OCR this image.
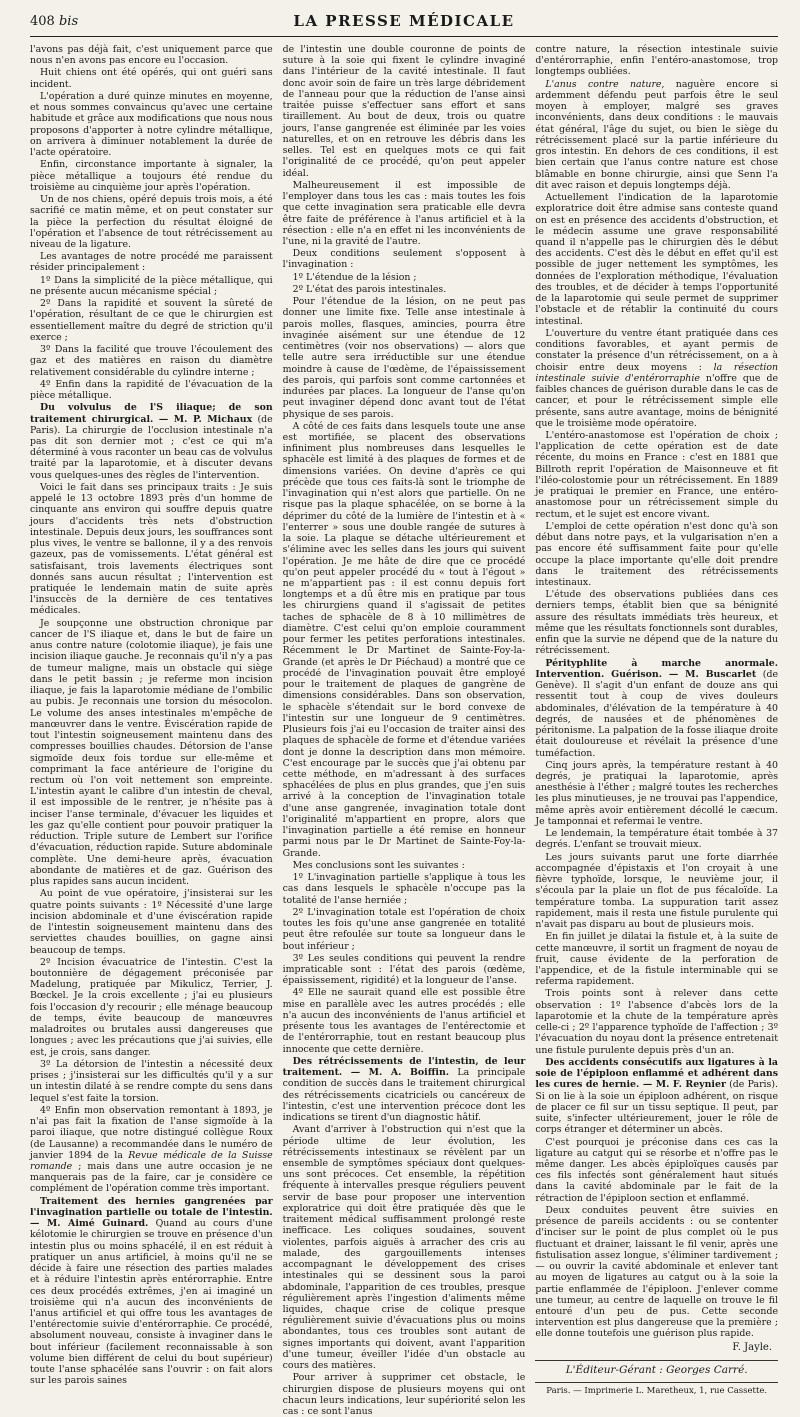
408 bis	LA PRESSE MÉDICALE

l'avons pas déjà fait, c'est uniquement parce que nous n'en avons pas encore eu l'occasion.

Huit chiens ont été opérés, qui ont guéri sans incident.

L'opération a duré quinze minutes en moyenne, et nous sommes convaincus qu'avec une certaine habitude et grâce aux modifications que nous nous proposons d'apporter à notre cylindre métallique, on arrivera à diminuer notablement la durée de l'acte opératoire.

Enfin, circonstance importante à signaler, la pièce métallique a toujours été rendue du troisième au cinquième jour après l'opération.

Un de nos chiens, opéré depuis trois mois, a été sacrifié ce matin même, et on peut constater sur la pièce la perfection du résultat éloigné de l'opération et l'absence de tout rétrécissement au niveau de la ligature.

Les avantages de notre procédé me paraissent résider principalement :

1º Dans la simplicité de la pièce métallique, qui ne présente aucun mécanisme spécial ;

2º Dans la rapidité et souvent la sûreté de l'opération, résultant de ce que le chirurgien est essentiellement maître du degré de striction qu'il exerce ;

3º Dans la facilité que trouve l'écoulement des gaz et des matières en raison du diamètre relativement considérable du cylindre interne ;

4º Enfin dans la rapidité de l'évacuation de la pièce métallique.

Du volvulus de l'S iliaque; de son traitement chirurgical. — M. P. Michaux (de Paris). La chirurgie de l'occlusion intestinale n'a pas dit son dernier mot ; c'est ce qui m'a déterminé à vous raconter un beau cas de volvulus traité par la laparotomie, et à discuter devans vous quelques-unes des règles de l'intervention.

Voici le fait dans ses principaux traits : Je suis appelé le 13 octobre 1893 près d'un homme de cinquante ans environ qui souffre depuis quatre jours d'accidents très nets d'obstruction intestinale. Depuis deux jours, les souffrances sont plus vives, le ventre se ballonne, il y a des renvois gazeux, pas de vomissements. L'état général est satisfaisant, trois lavements électriques sont donnés sans aucun résultat ; l'intervention est pratiquée le lendemain matin de suite après l'insuccès de la dernière de ces tentatives médicales.

Je soupçonne une obstruction chronique par cancer de l'S iliaque et, dans le but de faire un anus contre nature (colotomie iliaque), je fais une incision iliaque gauche. Je reconnais qu'il n'y a pas de tumeur maligne, mais un obstacle qui siège dans le petit bassin ; je referme mon incision iliaque, je fais la laparotomie médiane de l'ombilic au pubis. Je reconnais une torsion du mésocolon. Le volume des anses intestinales m'empêche de manœuvrer dans le ventre. Éviscération rapide de tout l'intestin soigneusement maintenu dans des compresses bouillies chaudes. Détorsion de l'anse sigmoïde deux fois tordue sur elle-même et comprimant la face antérieure de l'origine du rectum où l'on voit nettement son empreinte. L'intestin ayant le calibre d'un intestin de cheval, il est impossible de le rentrer, je n'hésite pas à inciser l'anse terminale, d'évacuer les liquides et les gaz qu'elle contient pour pouvoir pratiquer la réduction. Triple suture de Lembert sur l'orifice d'évacuation, réduction rapide. Suture abdominale complète. Une demi-heure après, évacuation abondante de matières et de gaz. Guérison des plus rapides sans aucun incident.

Au point de vue opératoire, j'insisterai sur les quatre points suivants : 1º Nécessité d'une large incision abdominale et d'une éviscération rapide de l'intestin soigneusement maintenu dans des serviettes chaudes bouillies, on gagne ainsi beaucoup de temps.

2º Incision évacuatrice de l'intestin. C'est la boutonnière de dégagement préconisée par Madelung, pratiquée par Mikulicz, Terrier, J. Bœckel. Je la crois excellente ; j'ai eu plusieurs fois l'occasion d'y recourir ; elle ménage beaucoup de temps, évite beaucoup de manœuvres maladroites ou brutales aussi dangereuses que longues ; avec les précautions que j'ai suivies, elle est, je crois, sans danger.

3º La détorsion de l'intestin a nécessité deux prises ; j'insisterai sur les difficultés qu'il y a sur un intestin dilaté à se rendre compte du sens dans lequel s'est faite la torsion.

4º Enfin mon observation remontant à 1893, je n'ai pas fait la fixation de l'anse sigmoïde à la paroi iliaque, que notre distingué collègue Roux (de Lausanne) a recommandée dans le numéro de janvier 1894 de la Revue médicale de la Suisse romande ; mais dans une autre occasion je ne manquerais pas de la faire, car je considère ce complément de l'opération comme très important.

Traitement des hernies gangrenées par l'invagination partielle ou totale de l'intestin. — M. Aimé Guinard. Quand au cours d'une kélotomie le chirurgien se trouve en présence d'un intestin plus ou moins sphacélé, il en est réduit à pratiquer un anus artificiel, à moins qu'il ne se décide à faire une résection des parties malades et à réduire l'intestin après entérorraphie. Entre ces deux procédés extrêmes, j'en ai imaginé un troisième qui n'a aucun des inconvénients de l'anus artificiel et qui offre tous les avantages de l'entérectomie suivie d'entérorraphie. Ce procédé, absolument nouveau, consiste à invaginer dans le bout inférieur (facilement reconnaissable à son volume bien différent de celui du bout supérieur) toute l'anse sphacélée sans l'ouvrir : on fait alors sur les parois saines

de l'intestin une double couronne de points de suture à la soie qui fixent le cylindre invaginé dans l'intérieur de la cavité intestinale. Il faut donc avoir soin de faire un très large débridement de l'anneau pour que la réduction de l'anse ainsi traitée puisse s'effectuer sans effort et sans tiraillement. Au bout de deux, trois ou quatre jours, l'anse gangrenée est éliminée par les voies naturelles, et on en retrouve les débris dans les selles. Tel est en quelques mots ce qui fait l'originalité de ce procédé, qu'on peut appeler idéal.

Malheureusement il est impossible de l'employer dans tous les cas : mais toutes les fois que cette invagination sera praticable elle devra être faite de préférence à l'anus artificiel et à la résection : elle n'a en effet ni les inconvénients de l'une, ni la gravité de l'autre.

Deux conditions seulement s'opposent à l'invagination :

1º L'étendue de la lésion ;

2º L'état des parois intestinales.

Pour l'étendue de la lésion, on ne peut pas donner une limite fixe. Telle anse intestinale à parois molles, flasques, amincies, pourra être invaginée aisément sur une étendue de 12 centimètres (voir nos observations) — alors que telle autre sera irréductible sur une étendue moindre à cause de l'œdème, de l'épaississement des parois, qui parfois sont comme cartonnées et indurées par places. La longueur de l'anse qu'on peut invaginer dépend donc avant tout de l'état physique de ses parois.

A côté de ces faits dans lesquels toute une anse est mortifiée, se placent des observations infiniment plus nombreuses dans lesquelles le sphacèle est limité à des plaques de formes et de dimensions variées. On devine d'après ce qui précède que tous ces faits-là sont le triomphe de l'invagination qui n'est alors que partielle. On ne risque pas la plaque sphacélée, on se borne à la déprimer du côté de la lumière de l'intestin et à « l'enterrer » sous une double rangée de sutures à la soie. La plaque se détache ultérieurement et s'élimine avec les selles dans les jours qui suivent l'opération. Je me hâte de dire que ce procédé qu'on peut appeler procédé du « tout à l'égout » ne m'appartient pas : il est connu depuis fort longtemps et a dû être mis en pratique par tous les chirurgiens quand il s'agissait de petites taches de sphacèle de 8 à 10 millimètres de diamètre. C'est celui qu'on emploie couramment pour fermer les petites perforations intestinales. Récemment le Dr Martinet de Sainte-Foy-la-Grande (et après le Dr Piéchaud) a montré que ce procédé de l'invagination pouvait être employé pour le traitement de plaques de gangrène de dimensions considérables. Dans son observation, le sphacèle s'étendait sur le bord convexe de l'intestin sur une longueur de 9 centimètres. Plusieurs fois j'ai eu l'occasion de traiter ainsi des plaques de sphacèle de forme et d'étendue variées dont je donne la description dans mon mémoire. C'est encourage par le succès que j'ai obtenu par cette méthode, en m'adressant à des surfaces sphacélées de plus en plus grandes, que j'en suis arrivé à la conception de l'invagination totale d'une anse gangrenée, invagination totale dont l'originalité m'appartient en propre, alors que l'invagination partielle a été remise en honneur parmi nous par le Dr Martinet de Sainte-Foy-la-Grande.

Mes conclusions sont les suivantes :

1º L'invagination partielle s'applique à tous les cas dans lesquels le sphacèle n'occupe pas la totalité de l'anse herniée ;

2º L'invagination totale est l'opération de choix toutes les fois qu'une anse gangrenée en totalité peut être refoulée sur toute sa longueur dans le bout inférieur ;

3º Les seules conditions qui peuvent la rendre impraticable sont : l'état des parois (œdème, épaississement, rigidité) et la longueur de l'anse.

4º Elle ne saurait quand elle est possible être mise en parallèle avec les autres procédés ; elle n'a aucun des inconvénients de l'anus artificiel et présente tous les avantages de l'entérectomie et de l'entérorraphie, tout en restant beaucoup plus innocente que cette dernière.

Des rétrécissements de l'intestin, de leur traitement. — M. A. Boiffin. La principale condition de succès dans le traitement chirurgical des rétrécissements cicatriciels ou cancéreux de l'intestin, c'est une intervention précoce dont les indications se tirent d'un diagnostic hâtif.

Avant d'arriver à l'obstruction qui n'est que la période ultime de leur évolution, les rétrécissements intestinaux se révèlent par un ensemble de symptômes spéciaux dont quelques-uns sont précoces. Cet ensemble, la répétition fréquente à intervalles presque réguliers peuvent servir de base pour proposer une intervention exploratrice qui doit être pratiquée dès que le traitement médical suffisamment prolongé reste inefficace. Les coliques soudaines, souvent violentes, parfois aiguës à arracher des cris au malade, des gargouillements intenses accompagnant le développement des crises intestinales qui se dessinent sous la paroi abdominale, l'apparition de ces troubles, presque régulièrement après l'ingestion d'aliments même liquides, chaque crise de colique presque régulièrement suivie d'évacuations plus ou moins abondantes, tous ces troubles sont autant de signes importants qui doivent, avant l'apparition d'une tumeur, éveiller l'idée d'un obstacle au cours des matières.

Pour arriver à supprimer cet obstacle, le chirurgien dispose de plusieurs moyens qui ont chacun leurs indications, leur supériorité selon les cas : ce sont l'anus

contre nature, la résection intestinale suivie d'entérorraphie, enfin l'entéro-anastomose, trop longtemps oubliées.

L'anus contre nature, naguère encore si ardemment défendu peut parfois être le seul moyen à employer, malgré ses graves inconvénients, dans deux conditions : le mauvais état général, l'âge du sujet, ou bien le siège du rétrécissement placé sur la partie inférieure du gros intestin. En dehors de ces conditions, il est bien certain que l'anus contre nature est chose blâmable en bonne chirurgie, ainsi que Senn l'a dit avec raison et depuis longtemps déjà.

Actuellement l'indication de la laparotomie exploratrice doit être admise sans conteste quand on est en présence des accidents d'obstruction, et le médecin assume une grave responsabilité quand il n'appelle pas le chirurgien dès le début des accidents. C'est dès le début en effet qu'il est possible de juger nettement les symptômes, les données de l'exploration méthodique, l'évaluation des troubles, et de décider à temps l'opportunité de la laparotomie qui seule permet de supprimer l'obstacle et de rétablir la continuité du cours intestinal.

L'ouverture du ventre étant pratiquée dans ces conditions favorables, et ayant permis de constater la présence d'un rétrécissement, on a à choisir entre deux moyens : la résection intestinale suivie d'entérorraphie n'offre que de faibles chances de guérison durable dans le cas de cancer, et pour le rétrécissement simple elle présente, sans autre avantage, moins de bénignité que le troisième mode opératoire.

L'entéro-anastomose est l'opération de choix ; l'application de cette opération est de date récente, du moins en France : c'est en 1881 que Billroth reprit l'opération de Maisonneuve et fit l'iléo-colostomie pour un rétrécissement. En 1889 je pratiquai le premier en France, une entéro-anastomose pour un rétrécissement simple du rectum, et le sujet est encore vivant.

L'emploi de cette opération n'est donc qu'à son début dans notre pays, et la vulgarisation n'en a pas encore été suffisamment faite pour qu'elle occupe la place importante qu'elle doit prendre dans le traitement des rétrécissements intestinaux.

L'étude des observations publiées dans ces derniers temps, établit bien que sa bénignité assure des résultats immédiats très heureux, et même que les résultats fonctionnels sont durables, enfin que la survie ne dépend que de la nature du rétrécissement.

Pérityphlite à marche anormale. Intervention. Guérison. — M. Buscarlet (de Genève). Il s'agit d'un enfant de douze ans qui ressentit tout à coup de vives douleurs abdominales, d'élévation de la température à 40 degrés, de nausées et de phénomènes de péritonisme. La palpation de la fosse iliaque droite était douloureuse et révélait la présence d'une tuméfaction.

Cinq jours après, la température restant à 40 degrés, je pratiquai la laparotomie, après anesthésie à l'éther ; malgré toutes les recherches les plus minutieuses, je ne trouvai pas l'appendice, même après avoir entièrement décollé le cæcum. Je tamponnai et refermai le ventre.

Le lendemain, la température était tombée à 37 degrés. L'enfant se trouvait mieux.

Les jours suivants parut une forte diarrhée accompagnée d'épistaxis et l'on croyait à une fièvre typhoïde, lorsque, le neuvième jour, il s'écoula par la plaie un flot de pus fécaloïde. La température tomba. La suppuration tarit assez rapidement, mais il resta une fistule purulente qui n'avait pas disparu au bout de plusieurs mois.

En fin juillet je dilatai la fistule et, à la suite de cette manœuvre, il sortit un fragment de noyau de fruit, cause évidente de la perforation de l'appendice, et de la fistule interminable qui se referma rapidement.

Trois points sont à relever dans cette observation : 1º l'absence d'abcès lors de la laparotomie et la chute de la température après celle-ci ; 2º l'apparence typhoïde de l'affection ; 3º l'évacuation du noyau dont la présence entretenait une fistule purulente depuis près d'un an.

Des accidents consécutifs aux ligatures à la soie de l'épiploon enflammé et adhérent dans les cures de hernie. — M. F. Reynier (de Paris). Si on lie à la soie un épiploon adhérent, on risque de placer ce fil sur un tissu septique. Il peut, par suite, s'infecter ultérieurement, jouer le rôle de corps étranger et déterminer un abcès.

C'est pourquoi je préconise dans ces cas la ligature au catgut qui se résorbe et n'offre pas le même danger. Les abcès épiploïques causés par ces fils infectés sont généralement haut situés dans la cavité abdominale par le fait de la rétraction de l'épiploon section et enflammé.

Deux conduites peuvent être suivies en présence de pareils accidents : ou se contenter d'inciser sur le point de plus complet où le pus fluctuant et drainer, laissant le fil venir, après une fistulisation assez longue, s'éliminer tardivement ; — ou ouvrir la cavité abdominale et enlever tant au moyen de ligatures au catgut ou à la soie la partie enflammée de l'épiploon. J'enlever comme une tumeur, au centre de laquelle on trouve le fil entouré d'un peu de pus. Cette seconde intervention est plus dangereuse que la première ; elle donne toutefois une guérison plus rapide.

F. Jayle.
L'Éditeur-Gérant : Georges Carré.
Paris. — Imprimerie L. Maretheux, 1, rue Cassette.
